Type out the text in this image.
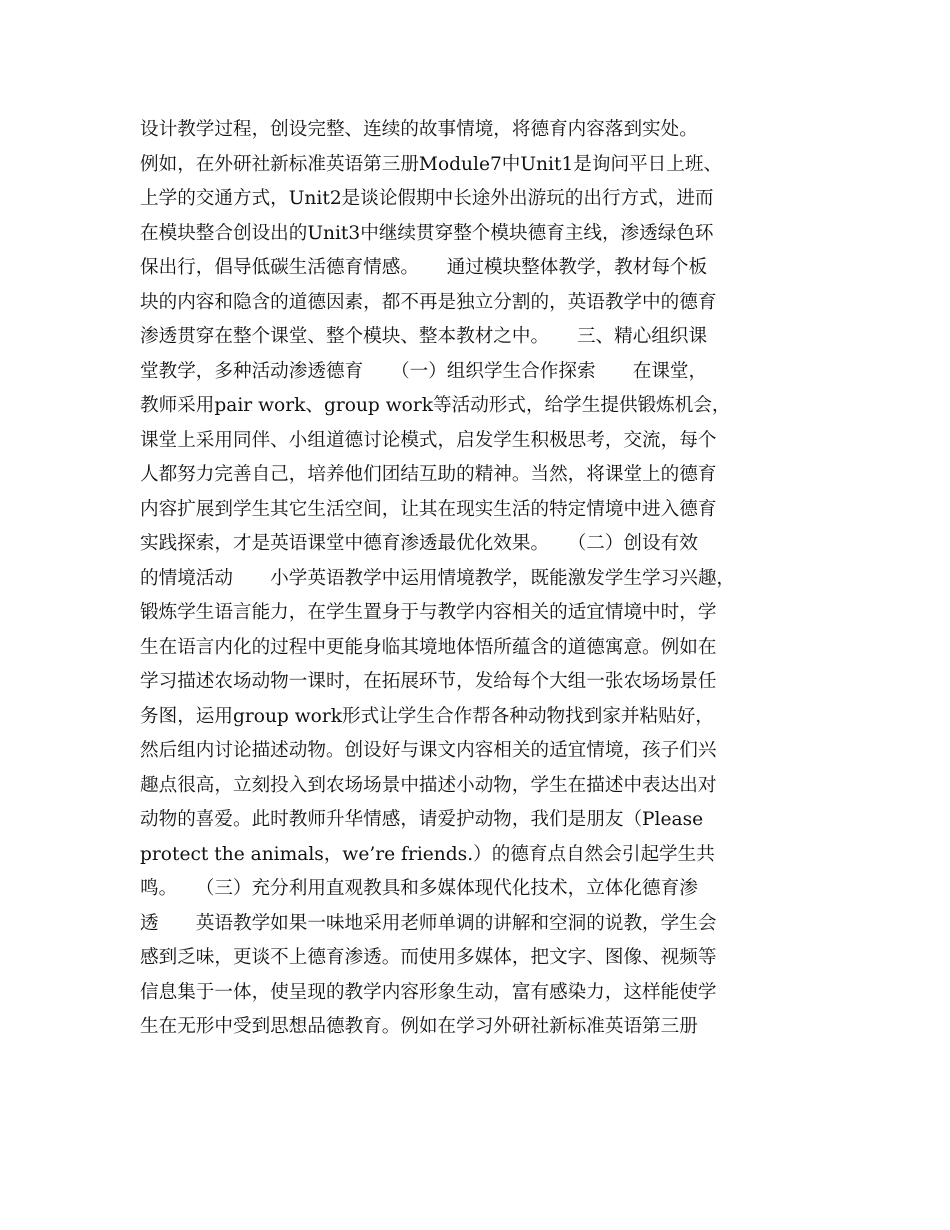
设计教学过程，创设完整、连续的故事情境，将德育内容落到实处。
例如，在外研社新标准英语第三册Module7中Unit1是询问平日上班、
上学的交通方式，Unit2是谈论假期中长途外出游玩的出行方式，进而
在模块整合创设出的Unit3中继续贯穿整个模块德育主线，渗透绿色环
保出行，倡导低碳生活德育情感。　　通过模块整体教学，教材每个板
块的内容和隐含的道德因素，都不再是独立分割的，英语教学中的德育
渗透贯穿在整个课堂、整个模块、整本教材之中。　　三、精心组织课
堂教学，多种活动渗透德育　　（一）组织学生合作探索　　在课堂，
教师采用pair work、group work等活动形式，给学生提供锻炼机会，
课堂上采用同伴、小组道德讨论模式，启发学生积极思考，交流，每个
人都努力完善自己，培养他们团结互助的精神。当然，将课堂上的德育
内容扩展到学生其它生活空间，让其在现实生活的特定情境中进入德育
实践探索，才是英语课堂中德育渗透最优化效果。　　（二）创设有效
的情境活动　　小学英语教学中运用情境教学，既能激发学生学习兴趣，
锻炼学生语言能力，在学生置身于与教学内容相关的适宜情境中时，学
生在语言内化的过程中更能身临其境地体悟所蕴含的道德寓意。例如在
学习描述农场动物一课时，在拓展环节，发给每个大组一张农场场景任
务图，运用group work形式让学生合作帮各种动物找到家并粘贴好，
然后组内讨论描述动物。创设好与课文内容相关的适宜情境，孩子们兴
趣点很高，立刻投入到农场场景中描述小动物，学生在描述中表达出对
动物的喜爱。此时教师升华情感，请爱护动物，我们是朋友（Please
protect the animals，we’re friends.）的德育点自然会引起学生共
鸣。　　（三）充分利用直观教具和多媒体现代化技术，立体化德育渗
透　　英语教学如果一味地采用老师单调的讲解和空洞的说教，学生会
感到乏味，更谈不上德育渗透。而使用多媒体，把文字、图像、视频等
信息集于一体，使呈现的教学内容形象生动，富有感染力，这样能使学
生在无形中受到思想品德教育。例如在学习外研社新标准英语第三册
